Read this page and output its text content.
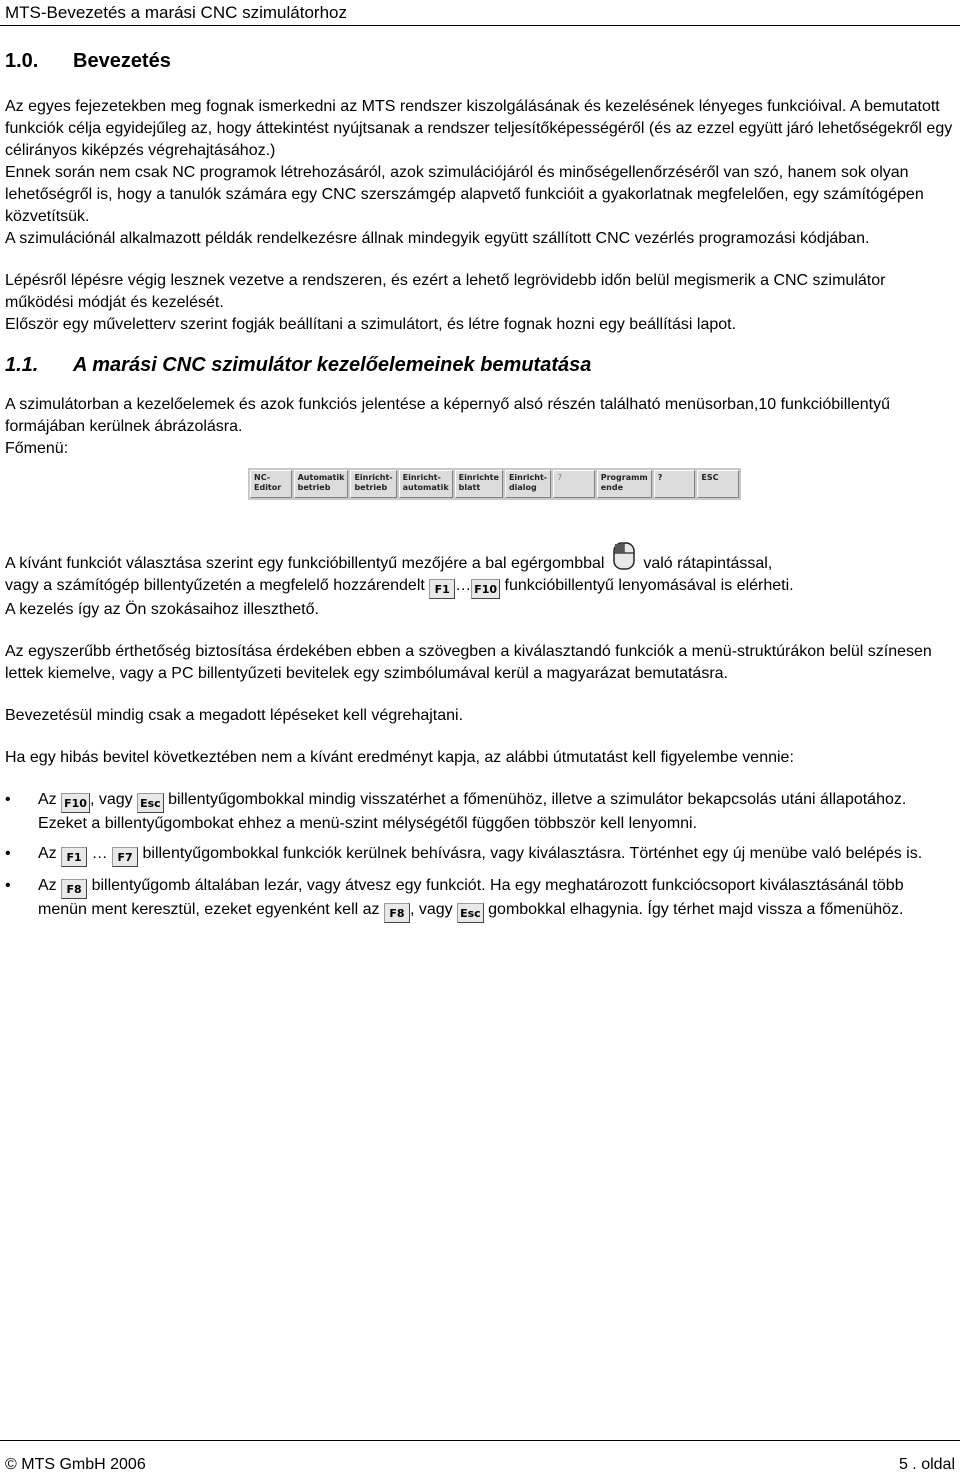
MTS-Bevezetés a marási CNC szimulátorhoz
1.0. Bevezetés

Az egyes fejezetekben meg fognak ismerkedni az MTS rendszer kiszolgálásának és kezelésének lényeges funkcióival. A bemutatott funkciók célja egyidejűleg az, hogy áttekintést nyújtsanak a rendszer teljesítőképességéről (és az ezzel együtt járó lehetőségekről egy célirányos kiképzés végrehajtásához.)

Ennek során nem csak NC programok létrehozásáról, azok szimulációjáról és minőségellenőrzéséről van szó, hanem sok olyan lehetőségről is, hogy a tanulók számára egy CNC szerszámgép alapvető funkcióit a gyakorlatnak megfelelően, egy számítógépen közvetítsük.

A szimulációnál alkalmazott példák rendelkezésre állnak mindegyik együtt szállított CNC vezérlés programozási kódjában.

Lépésről lépésre végig lesznek vezetve a rendszeren, és ezért a lehető legrövidebb időn belül megismerik a CNC szimulátor működési módját és kezelését.

Először egy műveletterv szerint fogják beállítani a szimulátort, és létre fognak hozni egy beállítási lapot.

1.1. A marási CNC szimulátor kezelőelemeinek bemutatása

A szimulátorban a kezelőelemek és azok funkciós jelentése a képernyő alsó részén található menüsorban,10 funkcióbillentyű formájában kerülnek ábrázolásra.

Főmenü:

NC-Editor
Automatik
betrieb
Einricht-
betrieb
Einricht-
automatik
Einrichte
blatt
Einricht-
dialog
7	Programm
ende
?	ESC

A kívánt funkciót választása szerint egy funkcióbillentyű mezőjére a bal egérgombbal való rátapintással,
vagy a számítógép billentyűzetén a megfelelő hozzárendelt F1 … F10 funkcióbillentyű lenyomásával is elérheti.
A kezelés így az Ön szokásaihoz illeszthető.

Az egyszerűbb érthetőség biztosítása érdekében ebben a szövegben a kiválasztandó funkciók a menü-struktúrákon belül színesen lettek kiemelve, vagy a PC billentyűzeti bevitelek egy szimbólumával kerül a magyarázat bemutatásra.

Bevezetésül mindig csak a megadott lépéseket kell végrehajtani.

Ha egy hibás bevitel következtében nem a kívánt eredményt kapja, az alábbi útmutatást kell figyelembe vennie:

• Az F10 , vagy Esc billentyűgombokkal mindig visszatérhet a főmenühöz, illetve a szimulátor bekapcsolás utáni állapotához. Ezeket a billentyűgombokat ehhez a menü-szint mélységétől függően többször kell lenyomni.
• Az F1 … F7 billentyűgombokkal funkciók kerülnek behívásra, vagy kiválasztásra. Történhet egy új menübe való belépés is.
• Az F8 billentyűgomb általában lezár, vagy átvesz egy funkciót. Ha egy meghatározott funkciócsoport kiválasztásánál több menün ment keresztül, ezeket egyenként kell az F8 , vagy Esc gombokkal elhagynia. Így térhet majd vissza a főmenühöz.
© MTS GmbH 2006	5 . oldal
